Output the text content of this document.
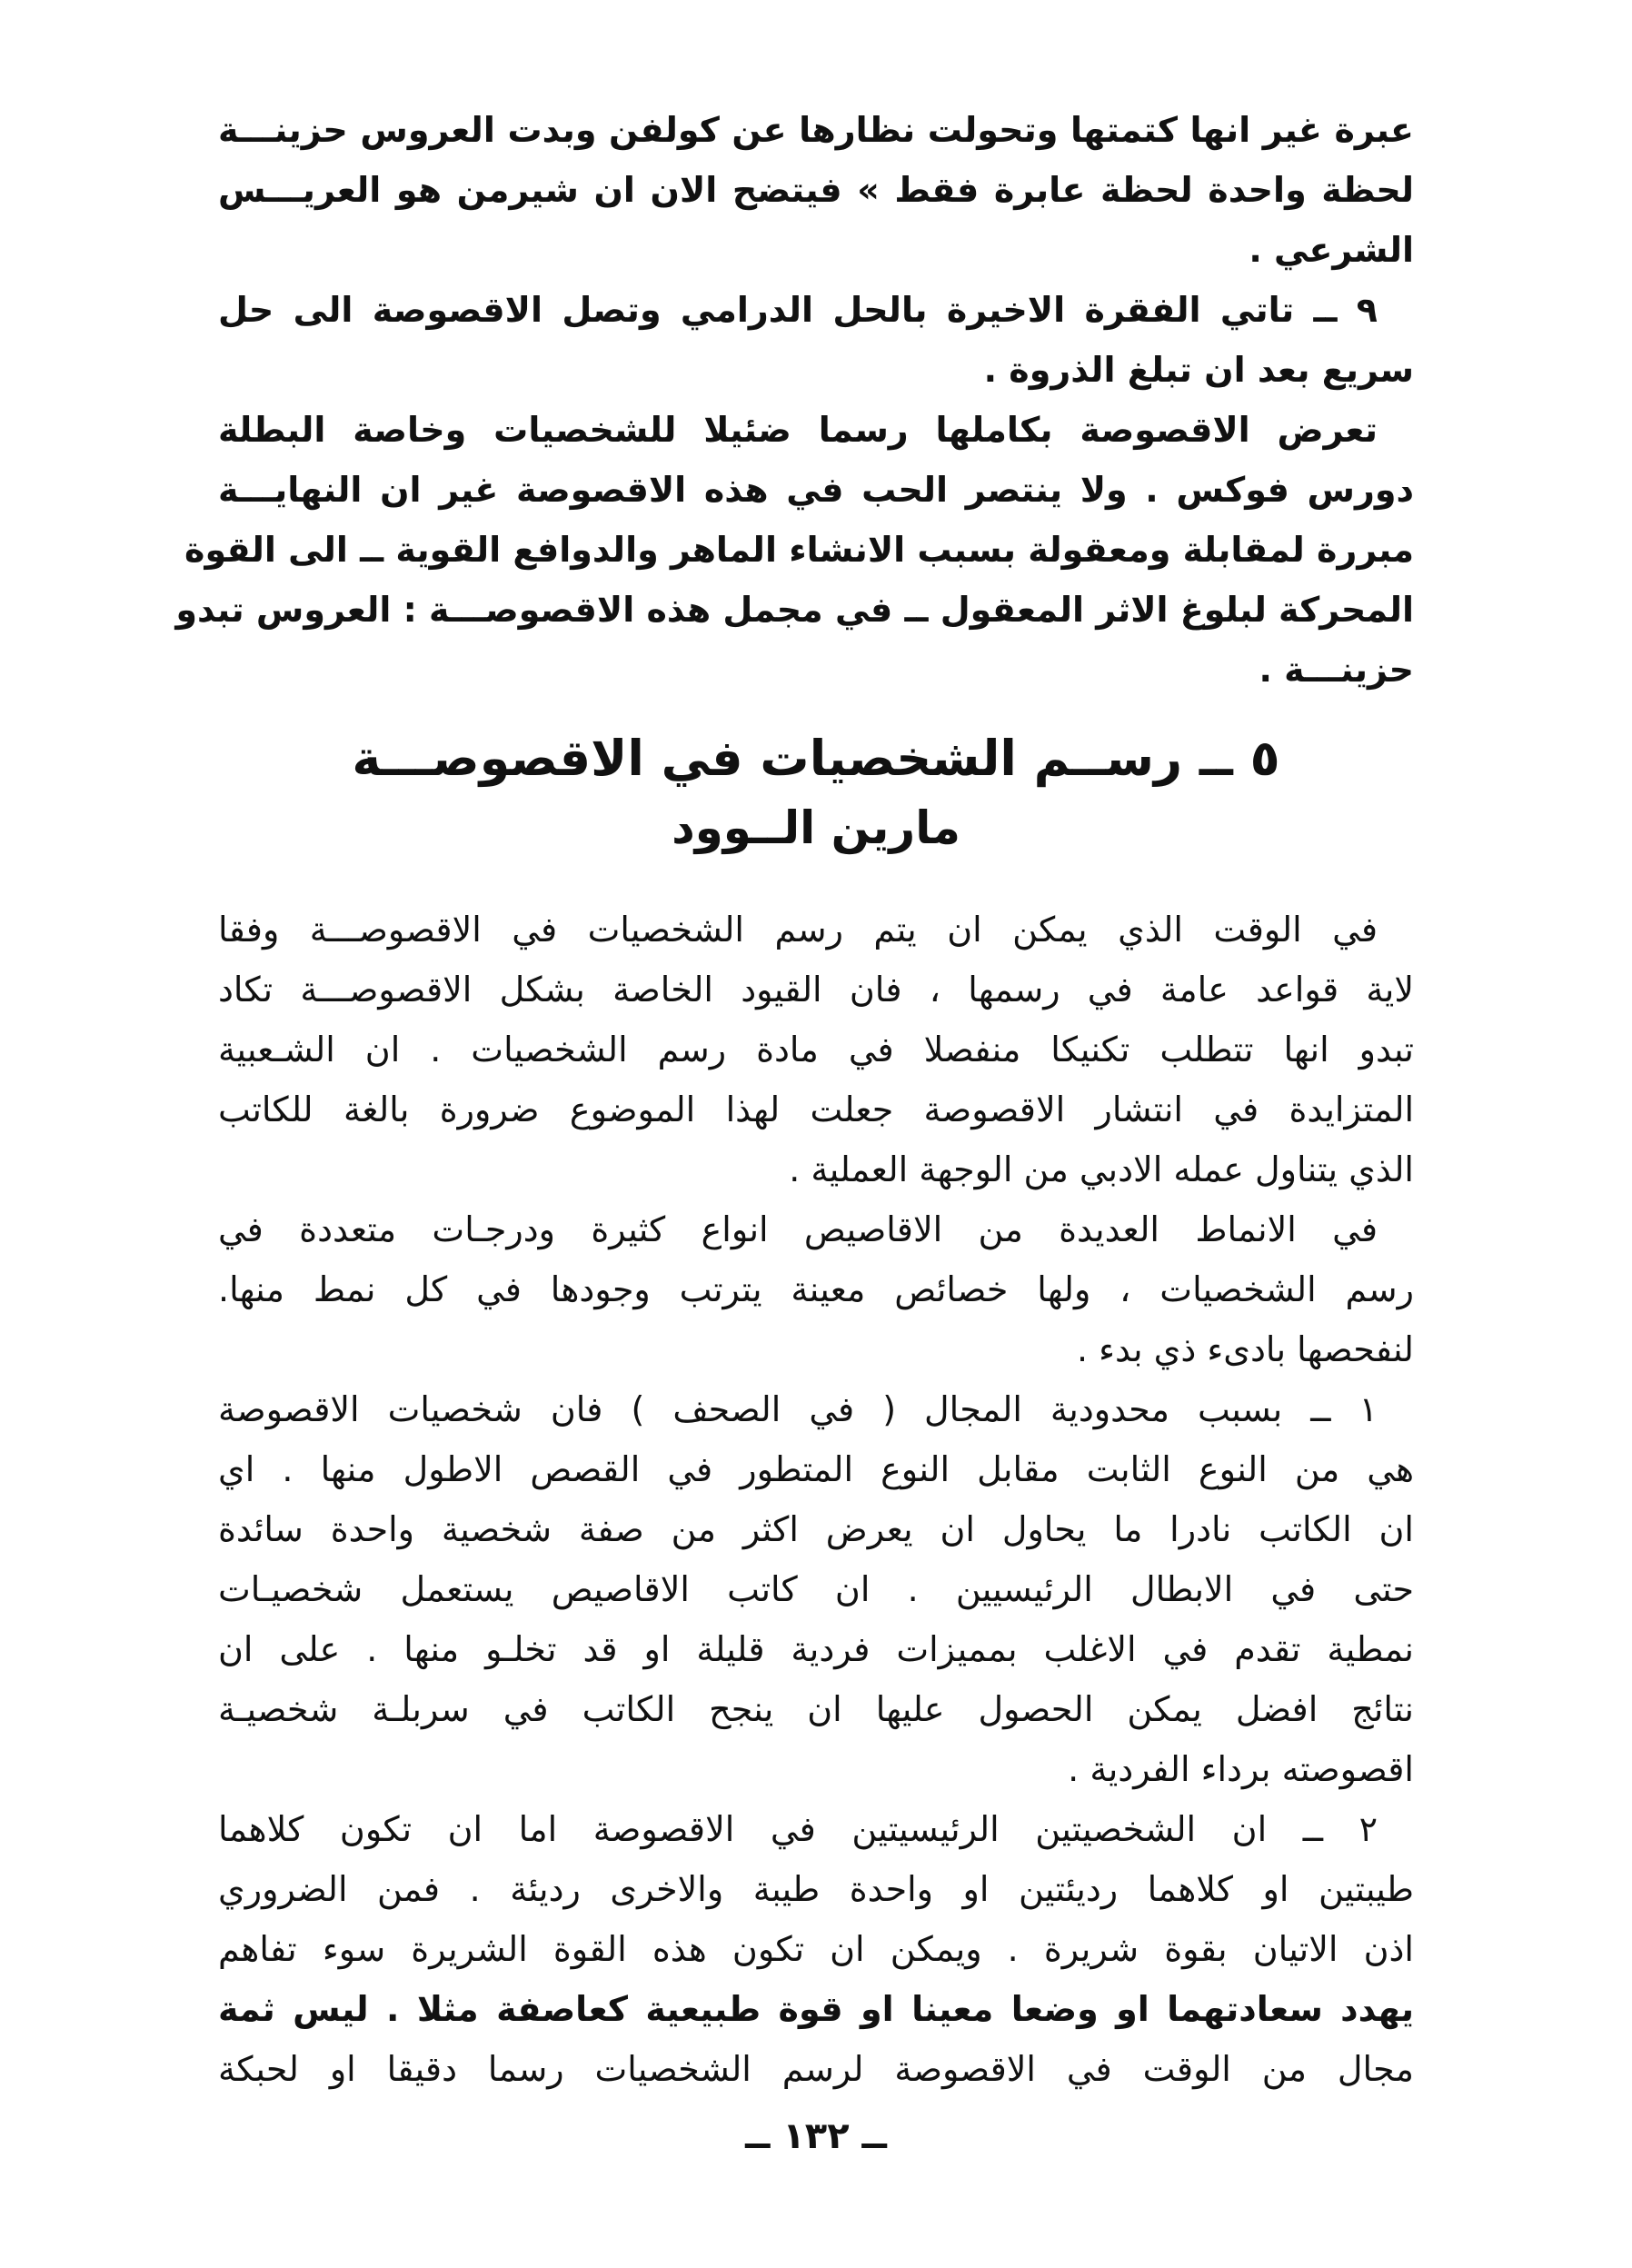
عبرة غير انها كتمتها وتحولت نظارها عن كولفن وبدت العروس حزينـــة
لحظة واحدة لحظة عابرة فقط » فيتضح الان ان شيرمن هو العريـــس
الشرعي .
٩ ــ تاتي الفقرة الاخيرة بالحل الدرامي وتصل الاقصوصة الى حل
سريع بعد ان تبلغ الذروة .
تعرض الاقصوصة بكاملها رسما ضئيلا للشخصيات وخاصة البطلة
دورس فوكس . ولا ينتصر الحب في هذه الاقصوصة غير ان النهايـــة
مبررة لمقابلة ومعقولة بسبب الانشاء الماهر والدوافع القوية ــ الى القوة
المحركة لبلوغ الاثر المعقول ــ في مجمل هذه الاقصوصـــة : العروس تبدو
حزينـــة .
٥ ــ رســم الشخصيات في الاقصوصـــة
مارين الــوود
في الوقت الذي يمكن ان يتم رسم الشخصيات في الاقصوصـــة وفقا
لاية قواعد عامة في رسمها ، فان القيود الخاصة بشكل الاقصوصـــة تكاد
تبدو انها تتطلب تكنيكا منفصلا في مادة رسم الشخصيات . ان الشـعبية
المتزايدة في انتشار الاقصوصة جعلت لهذا الموضوع ضرورة بالغة للكاتب
الذي يتناول عمله الادبي من الوجهة العملية .
في الانماط العديدة من الاقاصيص انواع كثيرة ودرجـات متعددة في
رسم الشخصيات ، ولها خصائص معينة يترتب وجودها في كل نمط منها.
لنفحصها بادىء ذي بدء .
١ ــ بسبب محدودية المجال ( في الصحف ) فان شخصيات الاقصوصة
هي من النوع الثابت مقابل النوع المتطور في القصص الاطول منها . اي
ان الكاتب نادرا ما يحاول ان يعرض اكثر من صفة شخصية واحدة سائدة
حتى في الابطال الرئيسيين . ان كاتب الاقاصيص يستعمل شخصيـات
نمطية تقدم في الاغلب بمميزات فردية قليلة او قد تخلـو منها . على ان
نتائج افضل يمكن الحصول عليها ان ينجح الكاتب في سربلـة شخصيـة
اقصوصته برداء الفردية .
٢ ــ ان الشخصيتين الرئيسيتين في الاقصوصة اما ان تكون كلاهما
طيبتين او كلاهما رديئتين او واحدة طيبة والاخرى رديئة . فمن الضروري
اذن الاتيان بقوة شريرة . ويمكن ان تكون هذه القوة الشريرة سوء تفاهم
يهدد سعادتهما او وضعا معينا او قوة طبيعية كعاصفة مثلا . ليس ثمة
مجال من الوقت في الاقصوصة لرسم الشخصيات رسما دقيقا او لحبكة
ــ ١٣٢ ــ
